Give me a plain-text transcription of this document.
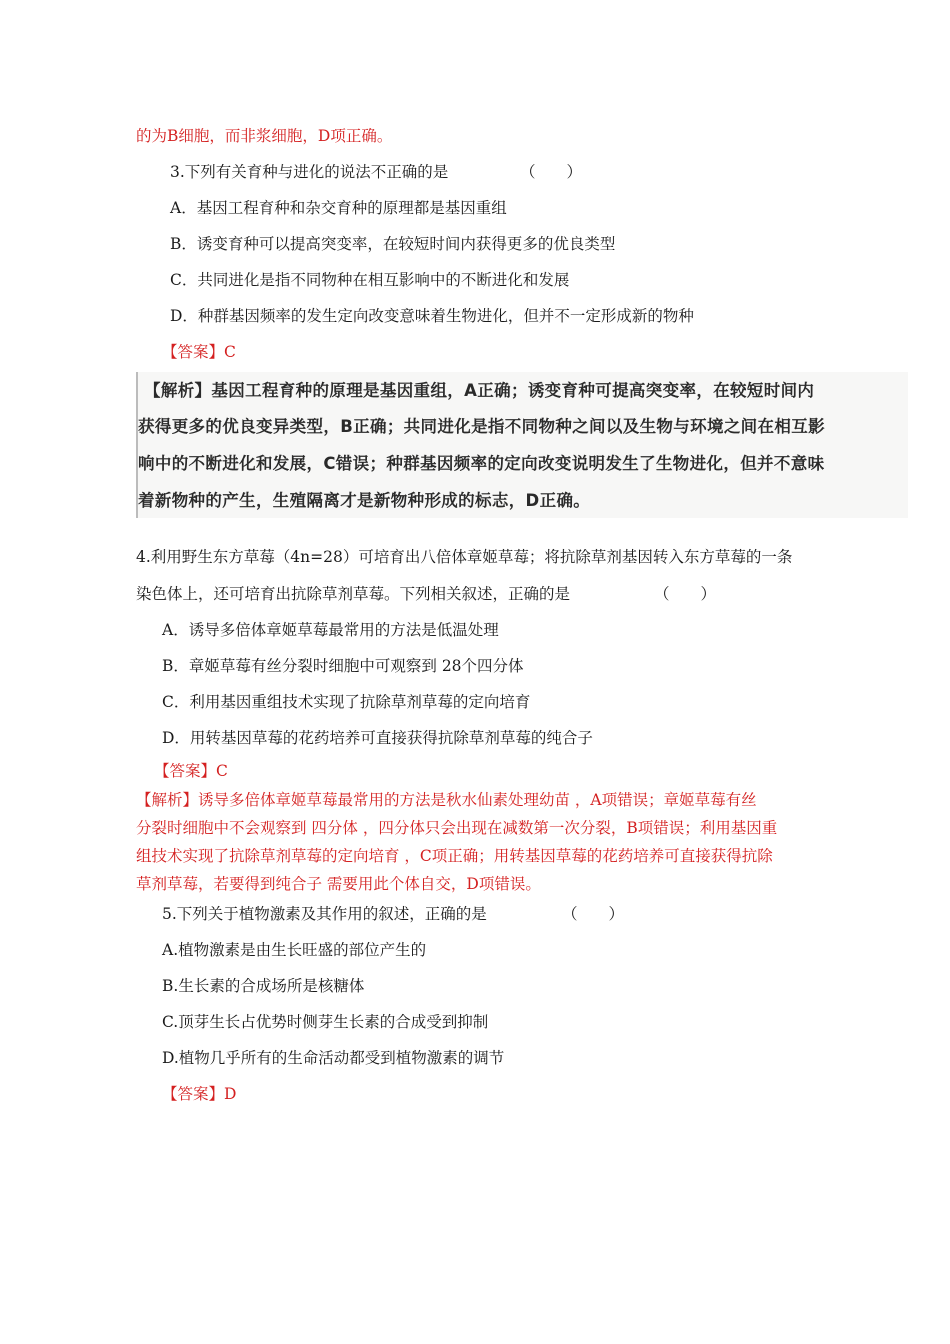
的为B细胞，而非浆细胞，D项正确。
3.下列有关育种与进化的说法不正确的是	（　　）
A．基因工程育种和杂交育种的原理都是基因重组
B．诱变育种可以提高突变率，在较短时间内获得更多的优良类型
C．共同进化是指不同物种在相互影响中的不断进化和发展
D．种群基因频率的发生定向改变意味着生物进化，但并不一定形成新的物种
【答案】C
【解析】基因工程育种的原理是基因重组，A正确；诱变育种可提高突变率，在较短时间内
获得更多的优良变异类型，B正确；共同进化是指不同物种之间以及生物与环境之间在相互影
响中的不断进化和发展，C错误；种群基因频率的定向改变说明发生了生物进化，但并不意味
着新物种的产生，生殖隔离才是新物种形成的标志，D正确。
4.利用野生东方草莓（4n=28）可培育出八倍体章姬草莓；将抗除草剂基因转入东方草莓的一条
染色体上，还可培育出抗除草剂草莓。下列相关叙述，正确的是	（　　）
A．诱导多倍体章姬草莓最常用的方法是低温处理
B．章姬草莓有丝分裂时细胞中可观察到 28个四分体
C．利用基因重组技术实现了抗除草剂草莓的定向培育
D．用转基因草莓的花药培养可直接获得抗除草剂草莓的纯合子
【答案】C
【解析】诱导多倍体章姬草莓最常用的方法是秋水仙素处理幼苗 ，A项错误；章姬草莓有丝
分裂时细胞中不会观察到 四分体 ，四分体只会出现在减数第一次分裂，B项错误；利用基因重
组技术实现了抗除草剂草莓的定向培育 ，C项正确；用转基因草莓的花药培养可直接获得抗除
草剂草莓，若要得到纯合子 需要用此个体自交，D项错误。
5.下列关于植物激素及其作用的叙述，正确的是	（　　）
A.植物激素是由生长旺盛的部位产生的
B.生长素的合成场所是核糖体
C.顶芽生长占优势时侧芽生长素的合成受到抑制
D.植物几乎所有的生命活动都受到植物激素的调节
【答案】D
